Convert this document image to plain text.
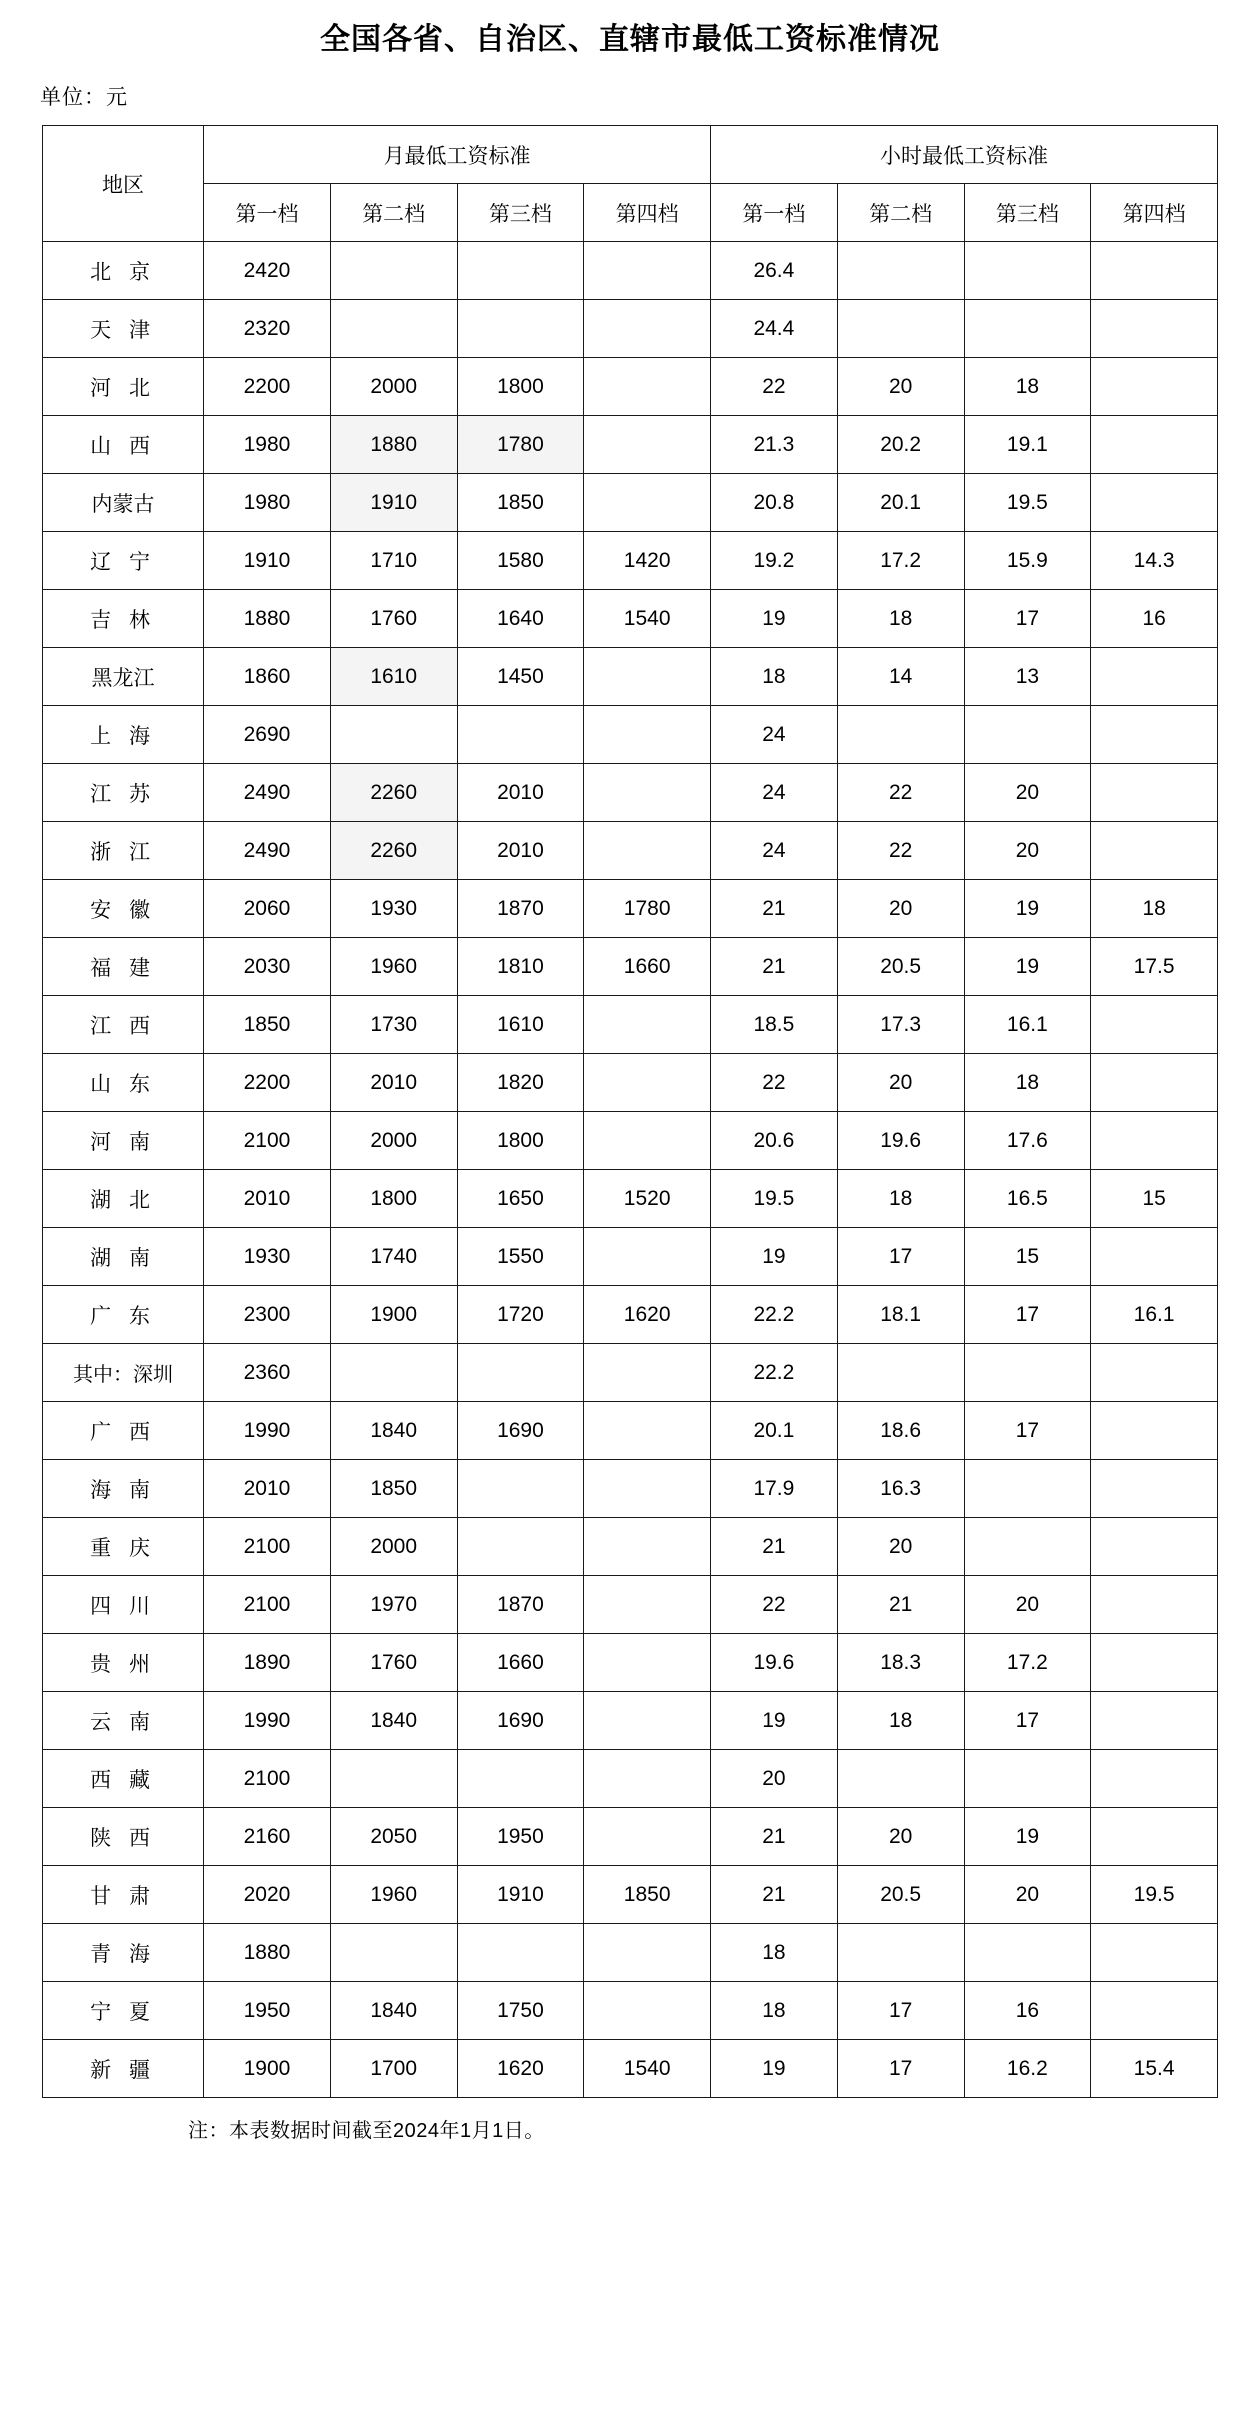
全国各省、自治区、直辖市最低工资标准情况
单位：元
地区	月最低工资标准				小时最低工资标准			
	第一档	第二档	第三档	第四档	第一档	第二档	第三档	第四档
北 京	2420				26.4			
天 津	2320				24.4			
河 北	2200	2000	1800		22	20	18	
山 西	1980	1880	1780		21.3	20.2	19.1	
内蒙古	1980	1910	1850		20.8	20.1	19.5	
辽 宁	1910	1710	1580	1420	19.2	17.2	15.9	14.3
吉 林	1880	1760	1640	1540	19	18	17	16
黑龙江	1860	1610	1450		18	14	13	
上 海	2690				24			
江 苏	2490	2260	2010		24	22	20	
浙 江	2490	2260	2010		24	22	20	
安 徽	2060	1930	1870	1780	21	20	19	18
福 建	2030	1960	1810	1660	21	20.5	19	17.5
江 西	1850	1730	1610		18.5	17.3	16.1	
山 东	2200	2010	1820		22	20	18	
河 南	2100	2000	1800		20.6	19.6	17.6	
湖 北	2010	1800	1650	1520	19.5	18	16.5	15
湖 南	1930	1740	1550		19	17	15	
广 东	2300	1900	1720	1620	22.2	18.1	17	16.1
其中：深圳	2360				22.2			
广 西	1990	1840	1690		20.1	18.6	17	
海 南	2010	1850			17.9	16.3		
重 庆	2100	2000			21	20		
四 川	2100	1970	1870		22	21	20	
贵 州	1890	1760	1660		19.6	18.3	17.2	
云 南	1990	1840	1690		19	18	17	
西 藏	2100				20			
陕 西	2160	2050	1950		21	20	19	
甘 肃	2020	1960	1910	1850	21	20.5	20	19.5
青 海	1880				18			
宁 夏	1950	1840	1750		18	17	16	
新 疆	1900	1700	1620	1540	19	17	16.2	15.4
注：本表数据时间截至2024年1月1日。
